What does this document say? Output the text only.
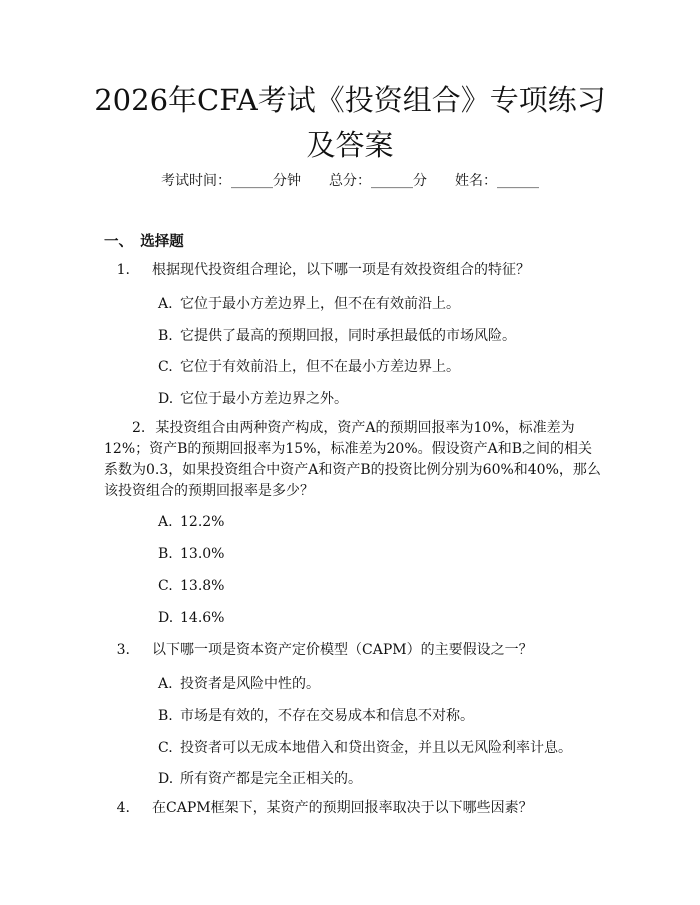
2026年CFA考试《投资组合》专项练习及答案
考试时间：______分钟　　总分：______分　　姓名：______
一、　选择题
1. 根据现代投资组合理论，以下哪一项是有效投资组合的特征？
A. 它位于最小方差边界上，但不在有效前沿上。
B. 它提供了最高的预期回报，同时承担最低的市场风险。
C. 它位于有效前沿上，但不在最小方差边界上。
D. 它位于最小方差边界之外。
2. 某投资组合由两种资产构成，资产A的预期回报率为10%，标准差为12%；资产B的预期回报率为15%，标准差为20%。假设资产A和B之间的相关系数为0.3，如果投资组合中资产A和资产B的投资比例分别为60%和40%，那么该投资组合的预期回报率是多少？
A. 12.2%
B. 13.0%
C. 13.8%
D. 14.6%
3. 以下哪一项是资本资产定价模型（CAPM）的主要假设之一？
A. 投资者是风险中性的。
B. 市场是有效的，不存在交易成本和信息不对称。
C. 投资者可以无成本地借入和贷出资金，并且以无风险利率计息。
D. 所有资产都是完全正相关的。
4. 在CAPM框架下，某资产的预期回报率取决于以下哪些因素？
